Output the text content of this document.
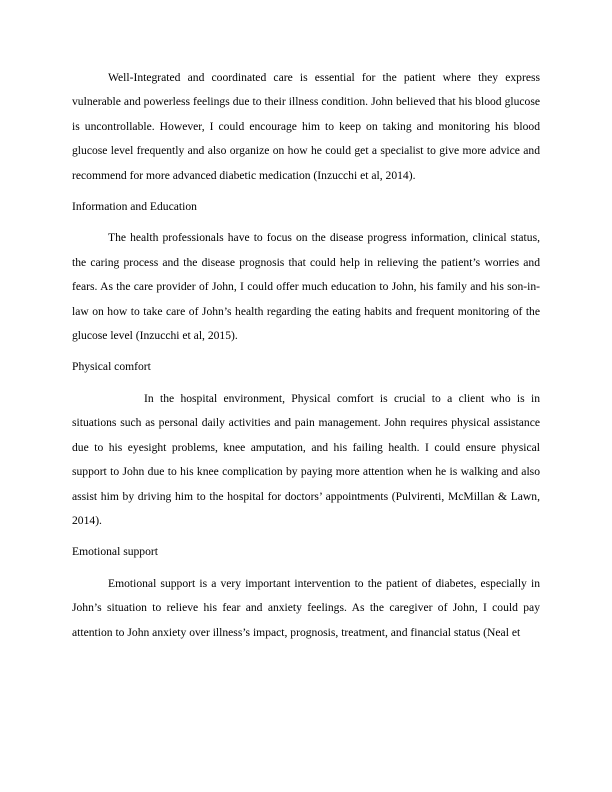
Well-Integrated and coordinated care is essential for the patient where they express vulnerable and powerless feelings due to their illness condition. John believed that his blood glucose is uncontrollable. However, I could encourage him to keep on taking and monitoring his blood glucose level frequently and also organize on how he could get a specialist to give more advice and recommend for more advanced diabetic medication (Inzucchi et al, 2014).

Information and Education

The health professionals have to focus on the disease progress information, clinical status, the caring process and the disease prognosis that could help in relieving the patient’s worries and fears. As the care provider of John, I could offer much education to John, his family and his son-in-law on how to take care of John’s health regarding the eating habits and frequent monitoring of the glucose level (Inzucchi et al, 2015).

Physical comfort

In the hospital environment, Physical comfort is crucial to a client who is in situations such as personal daily activities and pain management. John requires physical assistance due to his eyesight problems, knee amputation, and his failing health. I could ensure physical support to John due to his knee complication by paying more attention when he is walking and also assist him by driving him to the hospital for doctors’ appointments (Pulvirenti, McMillan & Lawn, 2014).

Emotional support

Emotional support is a very important intervention to the patient of diabetes, especially in John’s situation to relieve his fear and anxiety feelings. As the caregiver of John, I could pay attention to John anxiety over illness’s impact, prognosis, treatment, and financial status (Neal et
